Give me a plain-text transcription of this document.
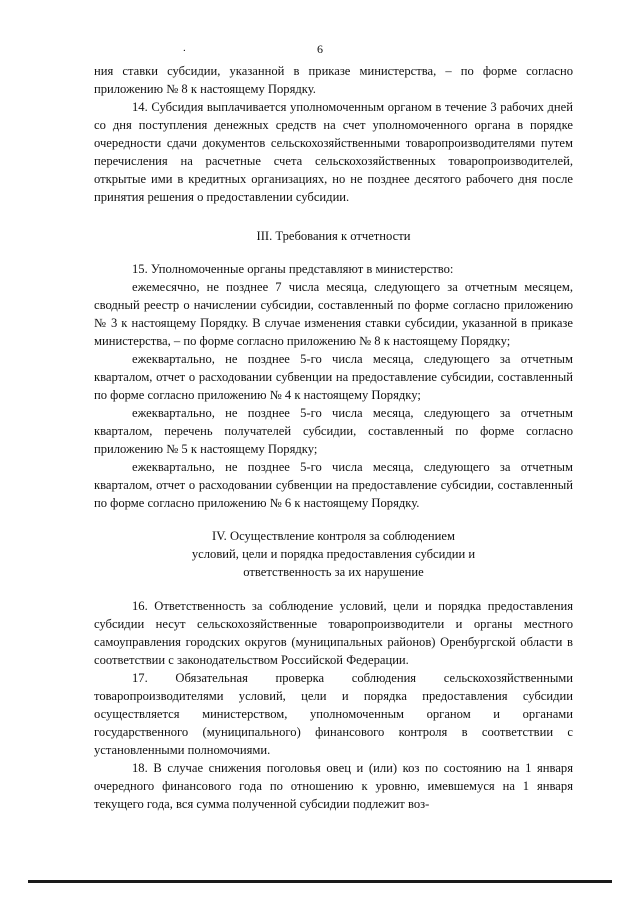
.	6

ния ставки субсидии, указанной в приказе министерства, – по форме согласно приложению № 8 к настоящему Порядку.

14. Субсидия выплачивается уполномоченным органом в течение 3 рабочих дней со дня поступления денежных средств на счет уполномоченного органа в порядке очередности сдачи документов сельскохозяйственными товаропроизводителями путем перечисления на расчетные счета сельскохозяйственных товаропроизводителей, открытые ими в кредитных организациях, но не позднее десятого рабочего дня после принятия решения о предоставлении субсидии.

III. Требования к отчетности

15. Уполномоченные органы представляют в министерство:

ежемесячно, не позднее 7 числа месяца, следующего за отчетным месяцем, сводный реестр о начислении субсидии, составленный по форме согласно приложению № 3 к настоящему Порядку. В случае изменения ставки субсидии, указанной в приказе министерства, – по форме согласно приложению № 8 к настоящему Порядку;

ежеквартально, не позднее 5-го числа месяца, следующего за отчетным кварталом, отчет о расходовании субвенции на предоставление субсидии, составленный по форме согласно приложению № 4 к настоящему Порядку;

ежеквартально, не позднее 5-го числа месяца, следующего за отчетным кварталом, перечень получателей субсидии, составленный по форме согласно приложению № 5 к настоящему Порядку;

ежеквартально, не позднее 5-го числа месяца, следующего за отчетным кварталом, отчет о расходовании субвенции на предоставление субсидии, составленный по форме согласно приложению № 6 к настоящему Порядку.

IV. Осуществление контроля за соблюдением
условий, цели и порядка предоставления субсидии и
ответственность за их нарушение

16. Ответственность за соблюдение условий, цели и порядка предоставления субсидии несут сельскохозяйственные товаропроизводители и органы местного самоуправления городских округов (муниципальных районов) Оренбургской области в соответствии с законодательством Российской Федерации.

17. Обязательная проверка соблюдения сельскохозяйственными товаропроизводителями условий, цели и порядка предоставления субсидии осуществляется министерством, уполномоченным органом и органами государственного (муниципального) финансового контроля в соответствии с установленными полномочиями.

18. В случае снижения поголовья овец и (или) коз по состоянию на 1 января очередного финансового года по отношению к уровню, имевшемуся на 1 января текущего года, вся сумма полученной субсидии подлежит воз-
